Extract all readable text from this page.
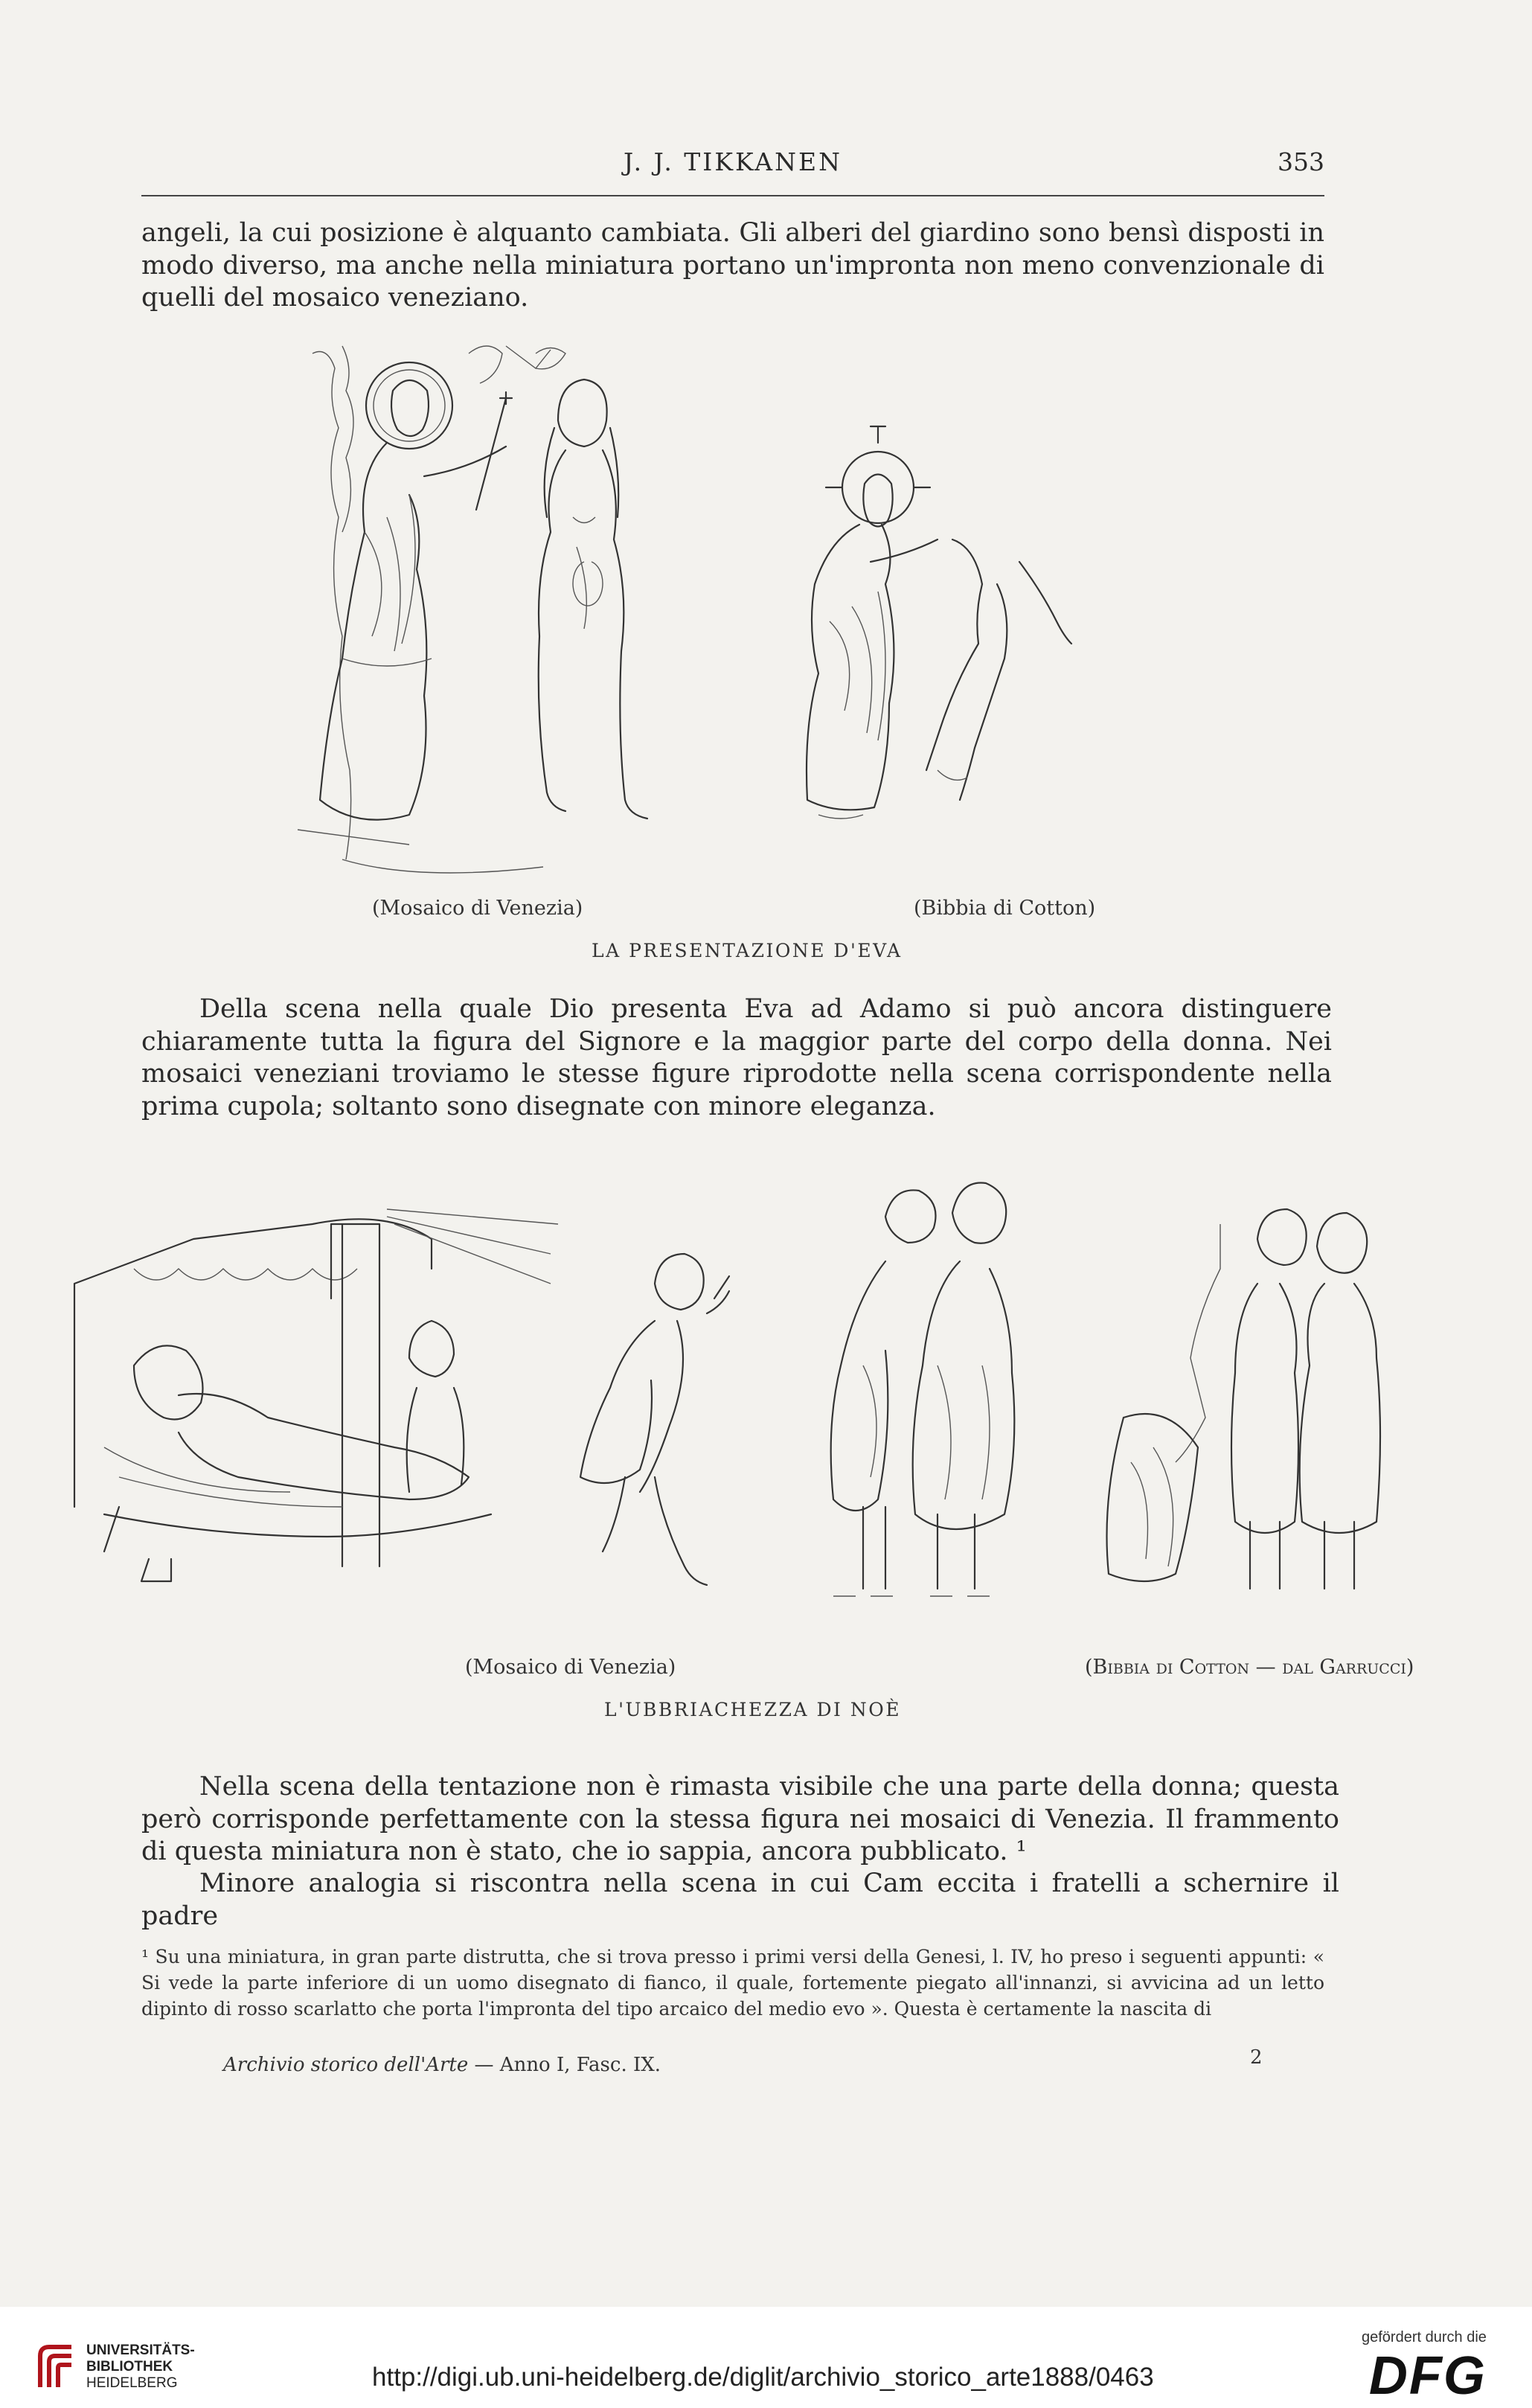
J. J. TIKKANEN	353

angeli, la cui posizione è alquanto cambiata. Gli alberi del giardino sono bensì disposti in modo diverso, ma anche nella miniatura portano un'impronta non meno convenzionale di quelli del mosaico veneziano.

(Mosaico di Venezia)	(Bibbia di Cotton)
LA PRESENTAZIONE D'EVA

Della scena nella quale Dio presenta Eva ad Adamo si può ancora distinguere chiaramente tutta la figura del Signore e la maggior parte del corpo della donna. Nei mosaici veneziani troviamo le stesse figure riprodotte nella scena corrispondente nella prima cupola; soltanto sono disegnate con minore eleganza.

(Mosaico di Venezia)	(Bibbia di Cotton — dal Garrucci)
L'UBBRIACHEZZA DI NOÈ

Nella scena della tentazione non è rimasta visibile che una parte della donna; questa però corrisponde perfettamente con la stessa figura nei mosaici di Venezia. Il frammento di questa miniatura non è stato, che io sappia, ancora pubblicato. ¹

Minore analogia si riscontra nella scena in cui Cam eccita i fratelli a schernire il padre

¹ Su una miniatura, in gran parte distrutta, che si trova presso i primi versi della Genesi, l. IV, ho preso i seguenti appunti: « Si vede la parte inferiore di un uomo disegnato di fianco, il quale, fortemente piegato all'innanzi, si avvicina ad un letto dipinto di rosso scarlatto che porta l'impronta del tipo arcaico del medio evo ». Questa è certamente la nascita di

Archivio storico dell'Arte — Anno I, Fasc. IX.	2
UNIVERSITÄTS-
BIBLIOTHEK
HEIDELBERG	http://digi.ub.uni-heidelberg.de/diglit/archivio_storico_arte1888/0463
gefördert durch die
DFG
